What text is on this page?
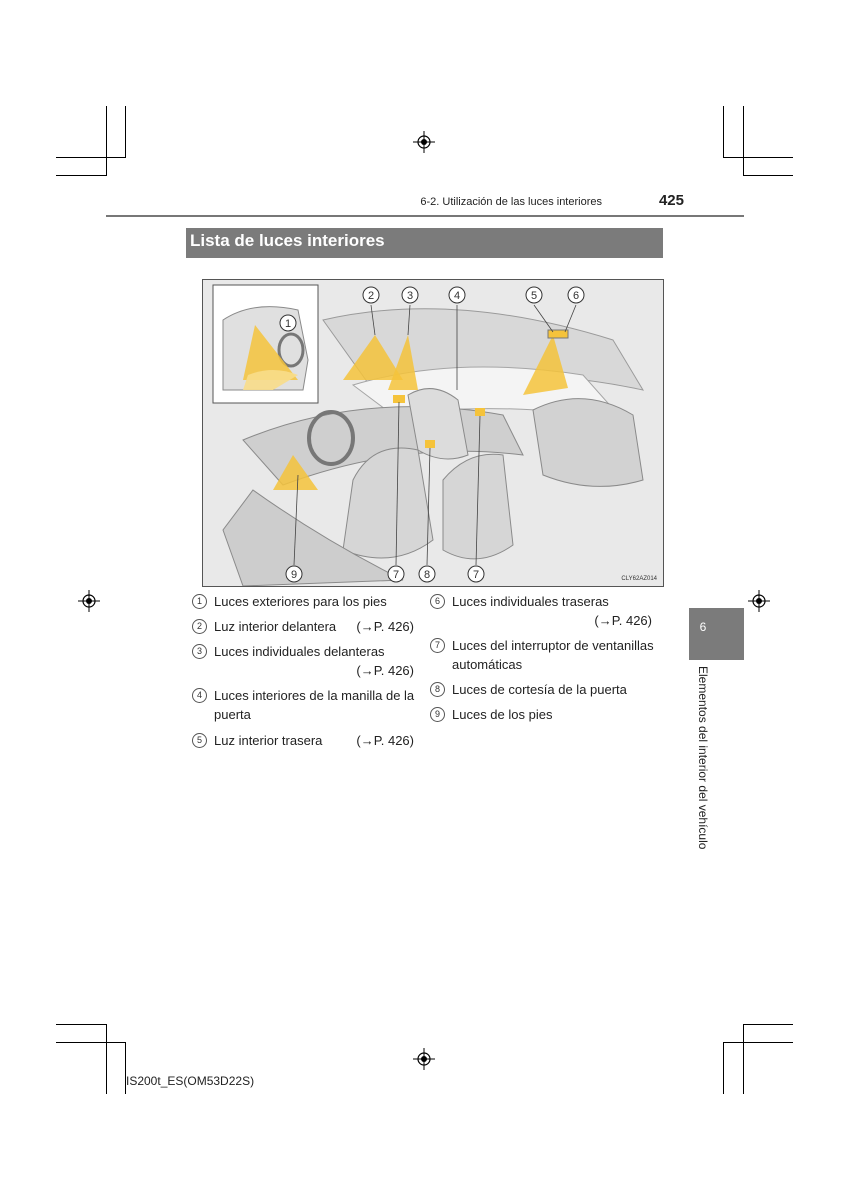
6-2. Utilización de las luces interiores	425
Lista de luces interiores
1
2	3	4	5	6
9	7 8	7	CLY62AZ014
1 Luces exteriores para los pies
2 Luz interior delantera (→P. 426)
3 Luces individuales delanteras
(→P. 426)
4 Luces interiores de la manilla de la puerta
5 Luz interior trasera	(→P. 426)
6 Luces individuales traseras
(→P. 426)
7 Luces del interruptor de ventanillas automáticas
8 Luces de cortesía de la puerta
9 Luces de los pies
6
Elementos del interior del vehículo
IS200t_ES(OM53D22S)
